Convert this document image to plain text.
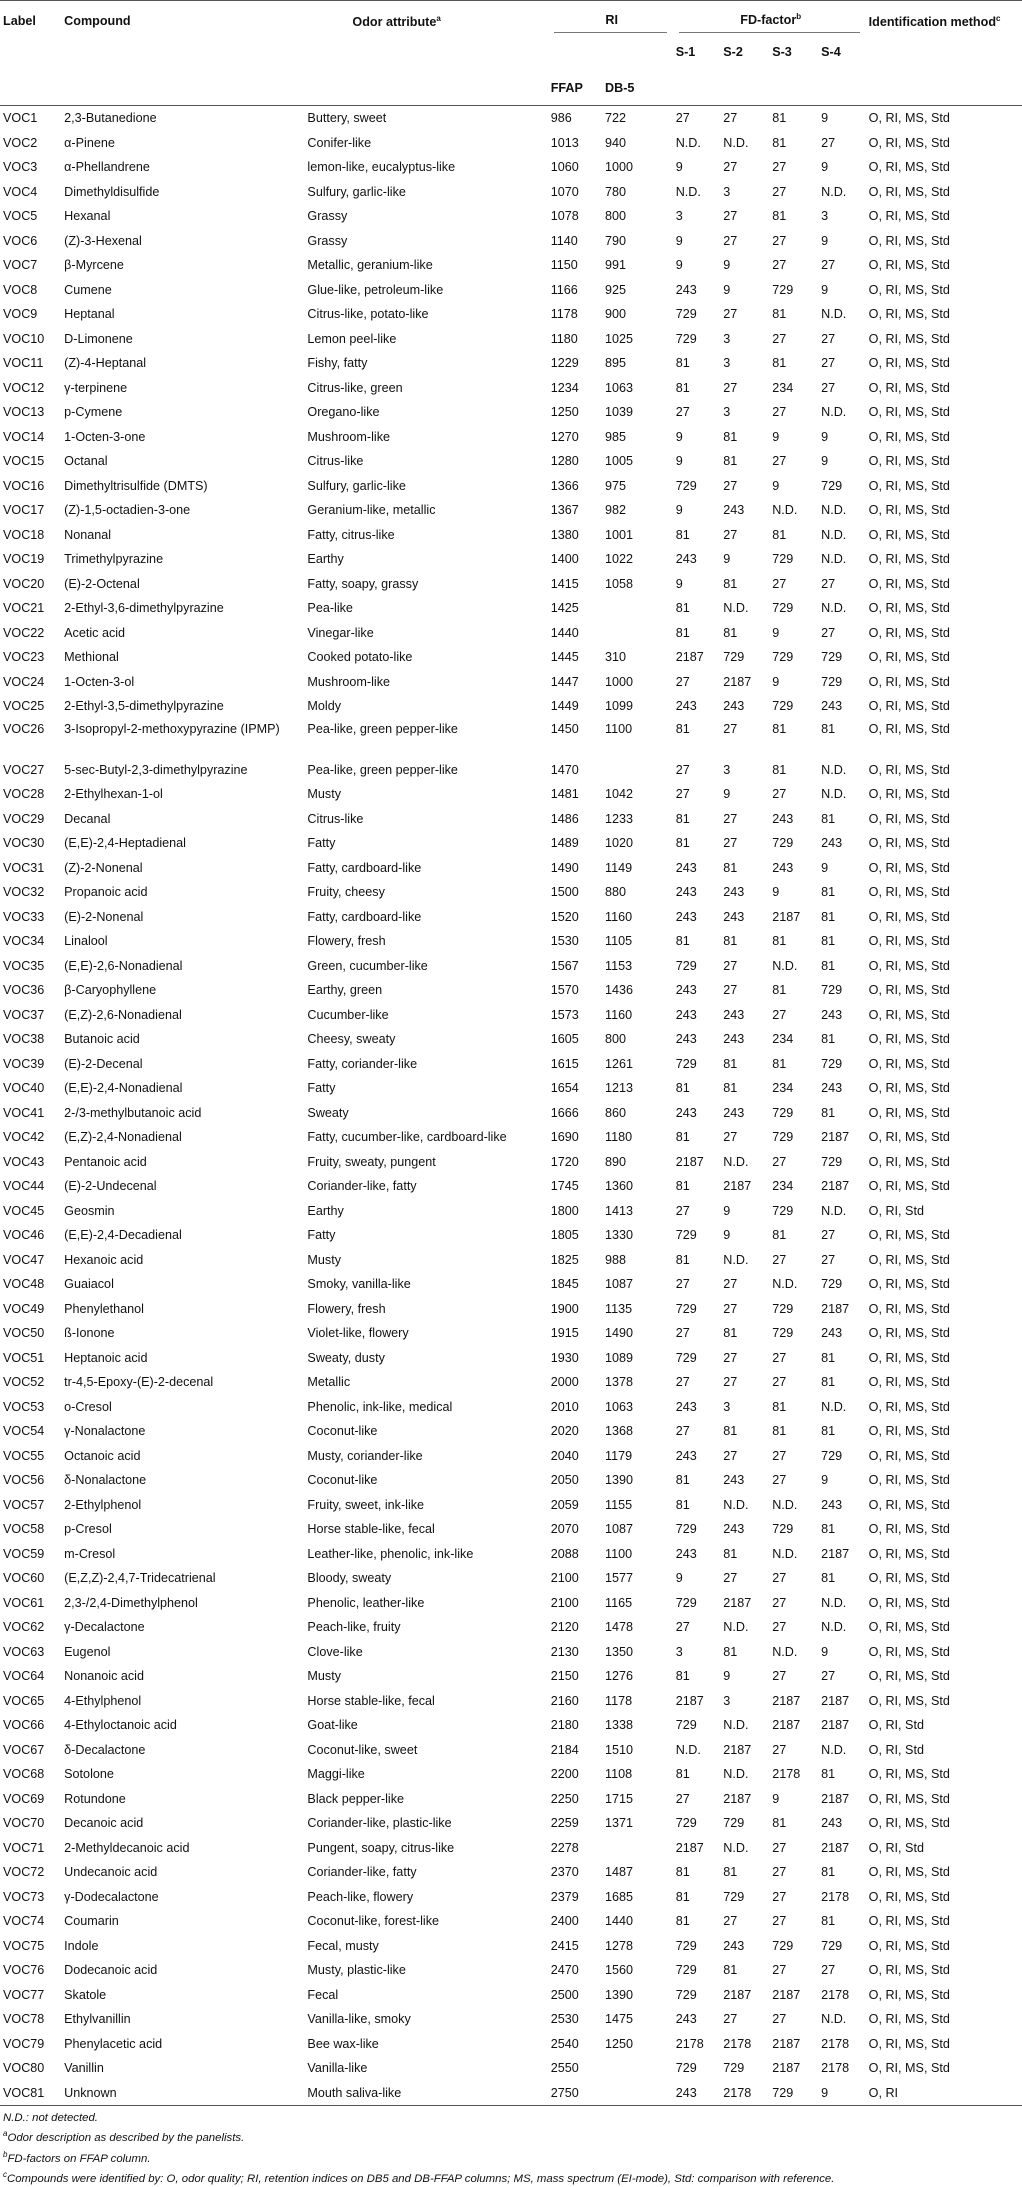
Label	Compound	Odor attribute$^a$	RI		FD-factor$^b$				Identification method$^c$
			FFAP	DB-5	S-1	S-2	S-3	S-4	
VOC1	2,3-Butanedione	Buttery, sweet	986	722	27	27	81	9	O, RI, MS, Std
VOC2	α-Pinene	Conifer-like	1013	940	N.D.	N.D.	81	27	O, RI, MS, Std
VOC3	α-Phellandrene	lemon-like, eucalyptus-like	1060	1000	9	27	27	9	O, RI, MS, Std
VOC4	Dimethyldisulfide	Sulfury, garlic-like	1070	780	N.D.	3	27	N.D.	O, RI, MS, Std
VOC5	Hexanal	Grassy	1078	800	3	27	81	3	O, RI, MS, Std
VOC6	(Z)-3-Hexenal	Grassy	1140	790	9	27	27	9	O, RI, MS, Std
VOC7	β-Myrcene	Metallic, geranium-like	1150	991	9	9	27	27	O, RI, MS, Std
VOC8	Cumene	Glue-like, petroleum-like	1166	925	243	9	729	9	O, RI, MS, Std
VOC9	Heptanal	Citrus-like, potato-like	1178	900	729	27	81	N.D.	O, RI, MS, Std
VOC10	D-Limonene	Lemon peel-like	1180	1025	729	3	27	27	O, RI, MS, Std
VOC11	(Z)-4-Heptanal	Fishy, fatty	1229	895	81	3	81	27	O, RI, MS, Std
VOC12	γ-terpinene	Citrus-like, green	1234	1063	81	27	234	27	O, RI, MS, Std
VOC13	p-Cymene	Oregano-like	1250	1039	27	3	27	N.D.	O, RI, MS, Std
VOC14	1-Octen-3-one	Mushroom-like	1270	985	9	81	9	9	O, RI, MS, Std
VOC15	Octanal	Citrus-like	1280	1005	9	81	27	9	O, RI, MS, Std
VOC16	Dimethyltrisulfide (DMTS)	Sulfury, garlic-like	1366	975	729	27	9	729	O, RI, MS, Std
VOC17	(Z)-1,5-octadien-3-one	Geranium-like, metallic	1367	982	9	243	N.D.	N.D.	O, RI, MS, Std
VOC18	Nonanal	Fatty, citrus-like	1380	1001	81	27	81	N.D.	O, RI, MS, Std
VOC19	Trimethylpyrazine	Earthy	1400	1022	243	9	729	N.D.	O, RI, MS, Std
VOC20	(E)-2-Octenal	Fatty, soapy, grassy	1415	1058	9	81	27	27	O, RI, MS, Std
VOC21	2-Ethyl-3,6-dimethylpyrazine	Pea-like	1425		81	N.D.	729	N.D.	O, RI, MS, Std
VOC22	Acetic acid	Vinegar-like	1440		81	81	9	27	O, RI, MS, Std
VOC23	Methional	Cooked potato-like	1445	310	2187	729	729	729	O, RI, MS, Std
VOC24	1-Octen-3-ol	Mushroom-like	1447	1000	27	2187	9	729	O, RI, MS, Std
VOC25	2-Ethyl-3,5-dimethylpyrazine	Moldy	1449	1099	243	243	729	243	O, RI, MS, Std
VOC26	3-Isopropyl-2-methoxypyrazine (IPMP)	Pea-like, green pepper-like	1450	1100	81	27	81	81	O, RI, MS, Std
VOC27	5-sec-Butyl-2,3-dimethylpyrazine	Pea-like, green pepper-like	1470		27	3	81	N.D.	O, RI, MS, Std
VOC28	2-Ethylhexan-1-ol	Musty	1481	1042	27	9	27	N.D.	O, RI, MS, Std
VOC29	Decanal	Citrus-like	1486	1233	81	27	243	81	O, RI, MS, Std
VOC30	(E,E)-2,4-Heptadienal	Fatty	1489	1020	81	27	729	243	O, RI, MS, Std
VOC31	(Z)-2-Nonenal	Fatty, cardboard-like	1490	1149	243	81	243	9	O, RI, MS, Std
VOC32	Propanoic acid	Fruity, cheesy	1500	880	243	243	9	81	O, RI, MS, Std
VOC33	(E)-2-Nonenal	Fatty, cardboard-like	1520	1160	243	243	2187	81	O, RI, MS, Std
VOC34	Linalool	Flowery, fresh	1530	1105	81	81	81	81	O, RI, MS, Std
VOC35	(E,E)-2,6-Nonadienal	Green, cucumber-like	1567	1153	729	27	N.D.	81	O, RI, MS, Std
VOC36	β-Caryophyllene	Earthy, green	1570	1436	243	27	81	729	O, RI, MS, Std
VOC37	(E,Z)-2,6-Nonadienal	Cucumber-like	1573	1160	243	243	27	243	O, RI, MS, Std
VOC38	Butanoic acid	Cheesy, sweaty	1605	800	243	243	234	81	O, RI, MS, Std
VOC39	(E)-2-Decenal	Fatty, coriander-like	1615	1261	729	81	81	729	O, RI, MS, Std
VOC40	(E,E)-2,4-Nonadienal	Fatty	1654	1213	81	81	234	243	O, RI, MS, Std
VOC41	2-/3-methylbutanoic acid	Sweaty	1666	860	243	243	729	81	O, RI, MS, Std
VOC42	(E,Z)-2,4-Nonadienal	Fatty, cucumber-like, cardboard-like	1690	1180	81	27	729	2187	O, RI, MS, Std
VOC43	Pentanoic acid	Fruity, sweaty, pungent	1720	890	2187	N.D.	27	729	O, RI, MS, Std
VOC44	(E)-2-Undecenal	Coriander-like, fatty	1745	1360	81	2187	234	2187	O, RI, MS, Std
VOC45	Geosmin	Earthy	1800	1413	27	9	729	N.D.	O, RI, Std
VOC46	(E,E)-2,4-Decadienal	Fatty	1805	1330	729	9	81	27	O, RI, MS, Std
VOC47	Hexanoic acid	Musty	1825	988	81	N.D.	27	27	O, RI, MS, Std
VOC48	Guaiacol	Smoky, vanilla-like	1845	1087	27	27	N.D.	729	O, RI, MS, Std
VOC49	Phenylethanol	Flowery, fresh	1900	1135	729	27	729	2187	O, RI, MS, Std
VOC50	ß-Ionone	Violet-like, flowery	1915	1490	27	81	729	243	O, RI, MS, Std
VOC51	Heptanoic acid	Sweaty, dusty	1930	1089	729	27	27	81	O, RI, MS, Std
VOC52	tr-4,5-Epoxy-(E)-2-decenal	Metallic	2000	1378	27	27	27	81	O, RI, MS, Std
VOC53	o-Cresol	Phenolic, ink-like, medical	2010	1063	243	3	81	N.D.	O, RI, MS, Std
VOC54	γ-Nonalactone	Coconut-like	2020	1368	27	81	81	81	O, RI, MS, Std
VOC55	Octanoic acid	Musty, coriander-like	2040	1179	243	27	27	729	O, RI, MS, Std
VOC56	δ-Nonalactone	Coconut-like	2050	1390	81	243	27	9	O, RI, MS, Std
VOC57	2-Ethylphenol	Fruity, sweet, ink-like	2059	1155	81	N.D.	N.D.	243	O, RI, MS, Std
VOC58	p-Cresol	Horse stable-like, fecal	2070	1087	729	243	729	81	O, RI, MS, Std
VOC59	m-Cresol	Leather-like, phenolic, ink-like	2088	1100	243	81	N.D.	2187	O, RI, MS, Std
VOC60	(E,Z,Z)-2,4,7-Tridecatrienal	Bloody, sweaty	2100	1577	9	27	27	81	O, RI, MS, Std
VOC61	2,3-/2,4-Dimethylphenol	Phenolic, leather-like	2100	1165	729	2187	27	N.D.	O, RI, MS, Std
VOC62	γ-Decalactone	Peach-like, fruity	2120	1478	27	N.D.	27	N.D.	O, RI, MS, Std
VOC63	Eugenol	Clove-like	2130	1350	3	81	N.D.	9	O, RI, MS, Std
VOC64	Nonanoic acid	Musty	2150	1276	81	9	27	27	O, RI, MS, Std
VOC65	4-Ethylphenol	Horse stable-like, fecal	2160	1178	2187	3	2187	2187	O, RI, MS, Std
VOC66	4-Ethyloctanoic acid	Goat-like	2180	1338	729	N.D.	2187	2187	O, RI, Std
VOC67	δ-Decalactone	Coconut-like, sweet	2184	1510	N.D.	2187	27	N.D.	O, RI, Std
VOC68	Sotolone	Maggi-like	2200	1108	81	N.D.	2178	81	O, RI, MS, Std
VOC69	Rotundone	Black pepper-like	2250	1715	27	2187	9	2187	O, RI, MS, Std
VOC70	Decanoic acid	Coriander-like, plastic-like	2259	1371	729	729	81	243	O, RI, MS, Std
VOC71	2-Methyldecanoic acid	Pungent, soapy, citrus-like	2278		2187	N.D.	27	2187	O, RI, Std
VOC72	Undecanoic acid	Coriander-like, fatty	2370	1487	81	81	27	81	O, RI, MS, Std
VOC73	γ-Dodecalactone	Peach-like, flowery	2379	1685	81	729	27	2178	O, RI, MS, Std
VOC74	Coumarin	Coconut-like, forest-like	2400	1440	81	27	27	81	O, RI, MS, Std
VOC75	Indole	Fecal, musty	2415	1278	729	243	729	729	O, RI, MS, Std
VOC76	Dodecanoic acid	Musty, plastic-like	2470	1560	729	81	27	27	O, RI, MS, Std
VOC77	Skatole	Fecal	2500	1390	729	2187	2187	2178	O, RI, MS, Std
VOC78	Ethylvanillin	Vanilla-like, smoky	2530	1475	243	27	27	N.D.	O, RI, MS, Std
VOC79	Phenylacetic acid	Bee wax-like	2540	1250	2178	2178	2187	2178	O, RI, MS, Std
VOC80	Vanillin	Vanilla-like	2550		729	729	2187	2178	O, RI, MS, Std
VOC81	Unknown	Mouth saliva-like	2750		243	2178	729	9	O, RI
N.D.: not detected.
$^a$Odor description as described by the panelists.
$^b$FD-factors on FFAP column.
$^c$Compounds were identified by: O, odor quality; RI, retention indices on DB5 and DB-FFAP columns; MS, mass spectrum (EI-mode), Std: comparison with reference.
